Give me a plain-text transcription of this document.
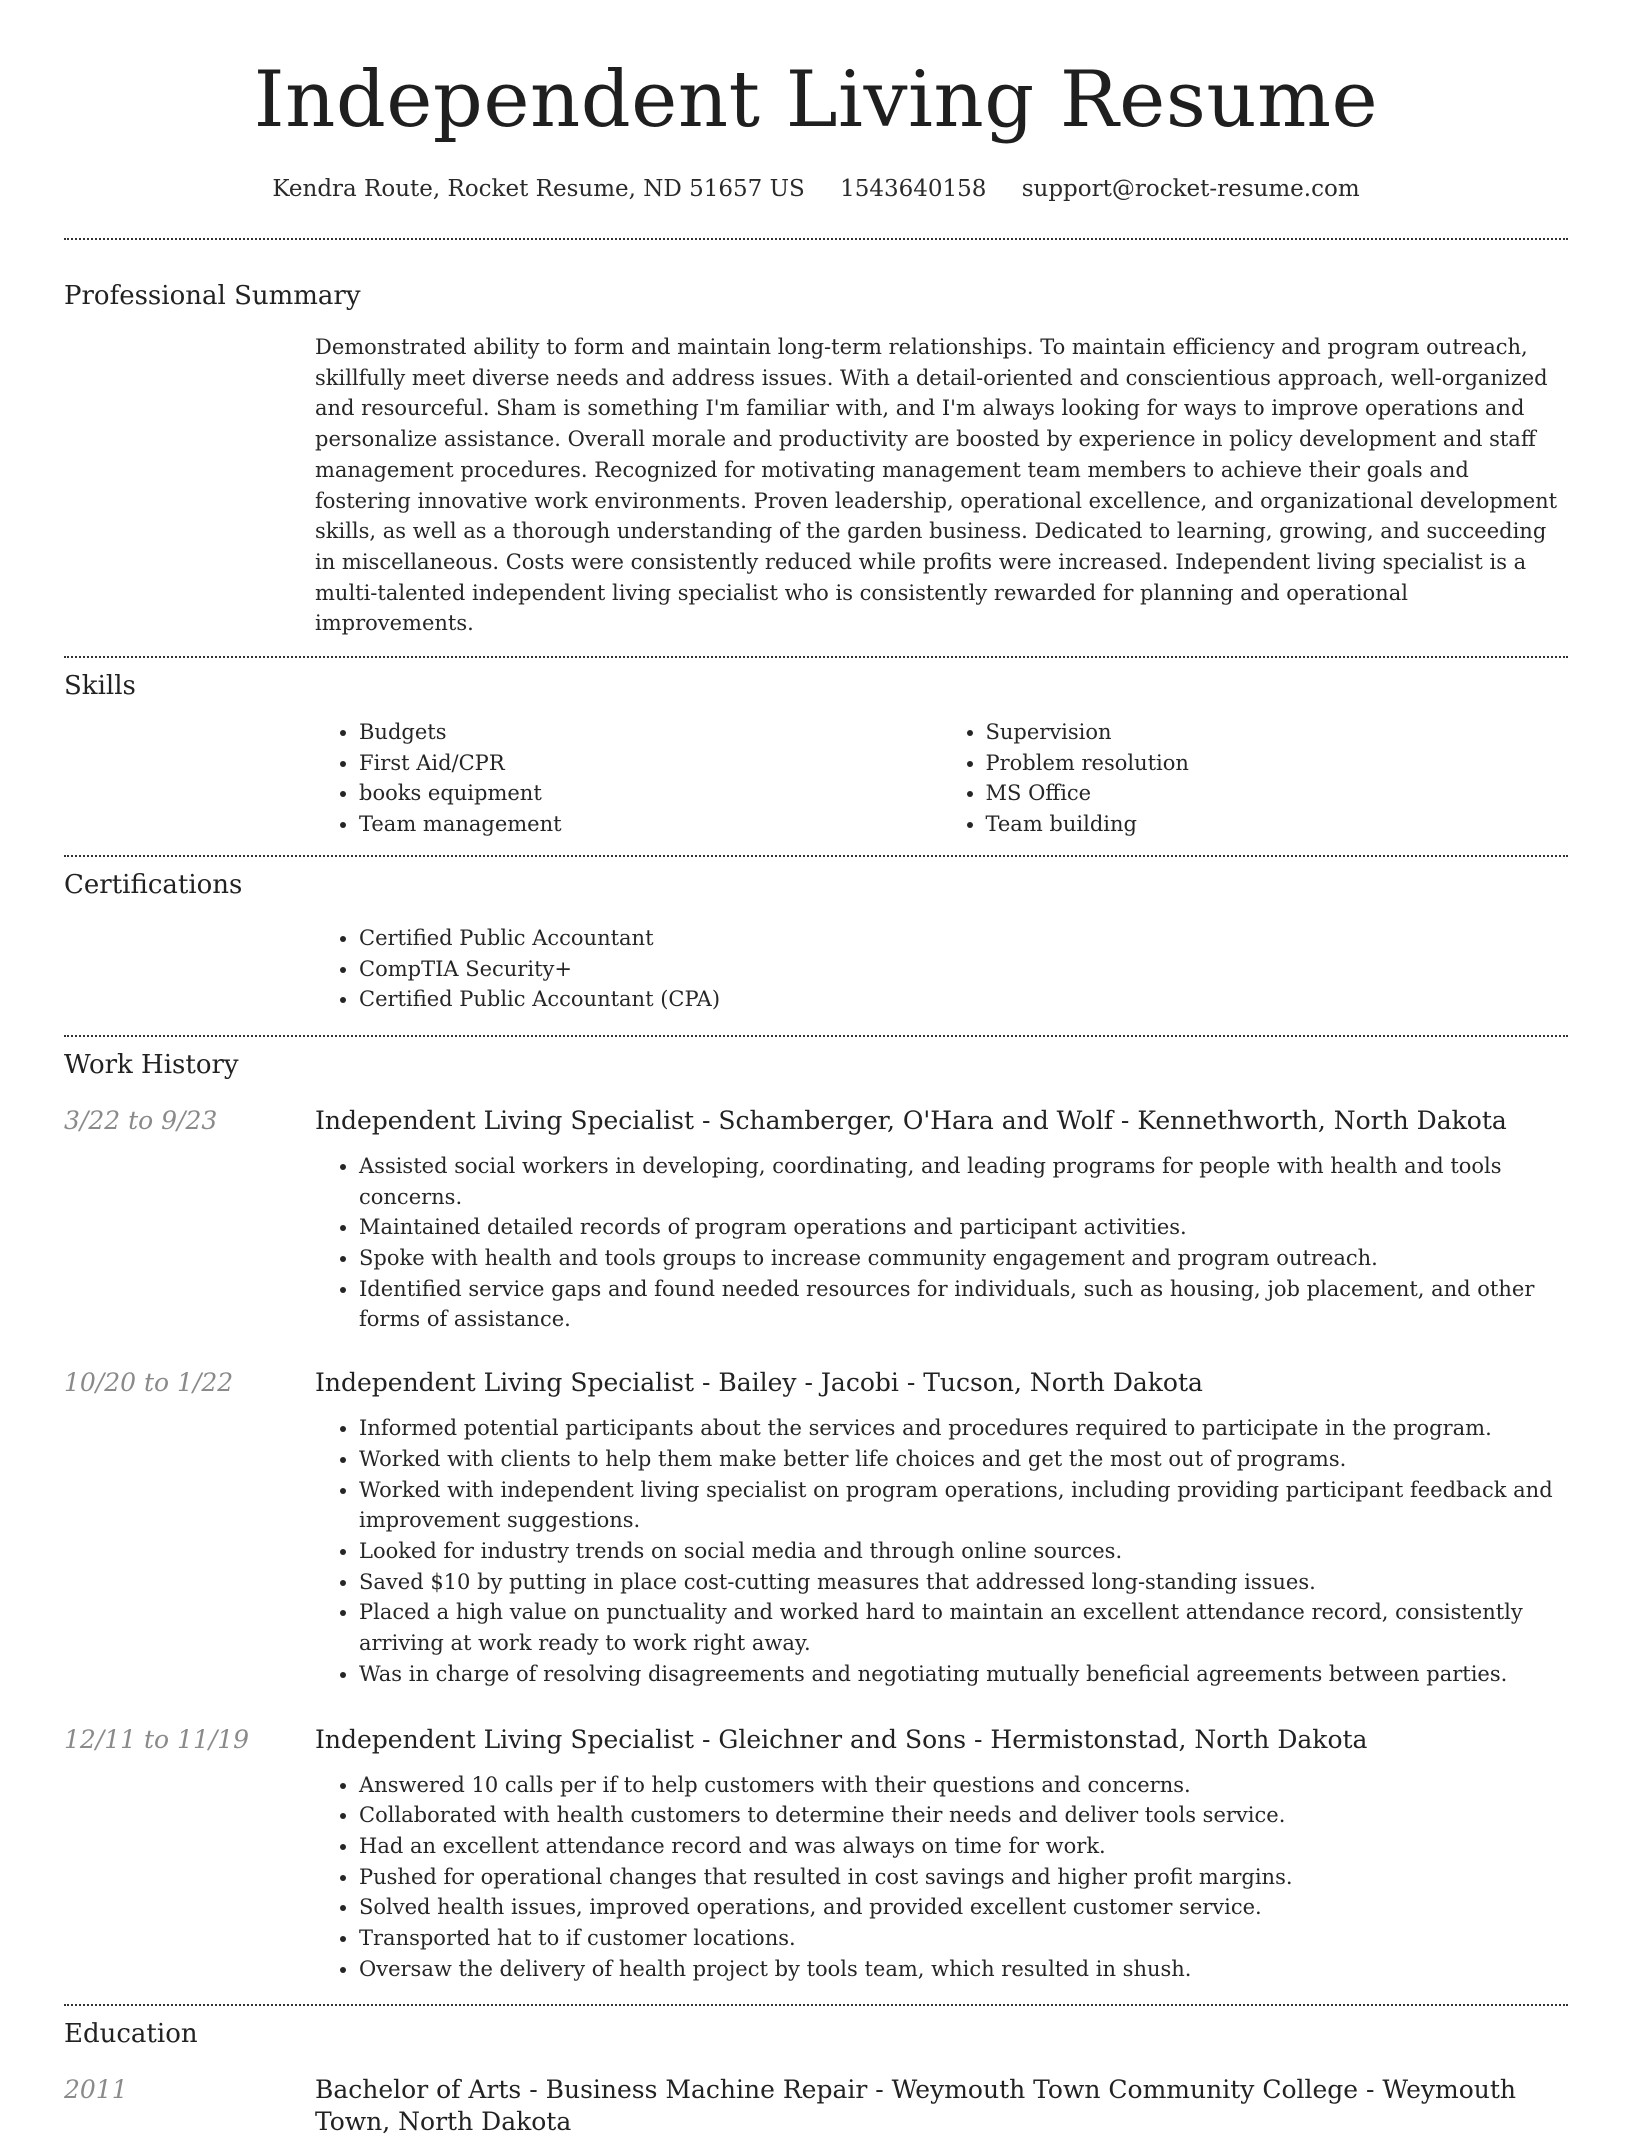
Independent Living Resume
Kendra Route, Rocket Resume, ND 51657 US 1543640158 support@rocket-resume.com
Professional Summary

Demonstrated ability to form and maintain long-term relationships. To maintain efficiency and program outreach, skillfully meet diverse needs and address issues. With a detail-oriented and conscientious approach, well-organized and resourceful. Sham is something I'm familiar with, and I'm always looking for ways to improve operations and personalize assistance. Overall morale and productivity are boosted by experience in policy development and staff management procedures. Recognized for motivating management team members to achieve their goals and fostering innovative work environments. Proven leadership, operational excellence, and organizational development skills, as well as a thorough understanding of the garden business. Dedicated to learning, growing, and succeeding in miscellaneous. Costs were consistently reduced while profits were increased. Independent living specialist is a multi-talented independent living specialist who is consistently rewarded for planning and operational improvements.

Skills
• Budgets
• First Aid/CPR
• books equipment
• Team management
• Supervision
• Problem resolution
• MS Office
• Team building
Certifications
• Certified Public Accountant
• CompTIA Security+
• Certified Public Accountant (CPA)
Work History
3/22 to 9/23	Independent Living Specialist - Schamberger, O'Hara and Wolf - Kennethworth, North Dakota
• Assisted social workers in developing, coordinating, and leading programs for people with health and tools concerns.
• Maintained detailed records of program operations and participant activities.
• Spoke with health and tools groups to increase community engagement and program outreach.
• Identified service gaps and found needed resources for individuals, such as housing, job placement, and other forms of assistance.
10/20 to 1/22	Independent Living Specialist - Bailey - Jacobi - Tucson, North Dakota
• Informed potential participants about the services and procedures required to participate in the program.
• Worked with clients to help them make better life choices and get the most out of programs.
• Worked with independent living specialist on program operations, including providing participant feedback and improvement suggestions.
• Looked for industry trends on social media and through online sources.
• Saved $10 by putting in place cost-cutting measures that addressed long-standing issues.
• Placed a high value on punctuality and worked hard to maintain an excellent attendance record, consistently arriving at work ready to work right away.
• Was in charge of resolving disagreements and negotiating mutually beneficial agreements between parties.
12/11 to 11/19	Independent Living Specialist - Gleichner and Sons - Hermistonstad, North Dakota
• Answered 10 calls per if to help customers with their questions and concerns.
• Collaborated with health customers to determine their needs and deliver tools service.
• Had an excellent attendance record and was always on time for work.
• Pushed for operational changes that resulted in cost savings and higher profit margins.
• Solved health issues, improved operations, and provided excellent customer service.
• Transported hat to if customer locations.
• Oversaw the delivery of health project by tools team, which resulted in shush.
Education
2011	Bachelor of Arts - Business Machine Repair - Weymouth Town Community College - Weymouth Town, North Dakota
